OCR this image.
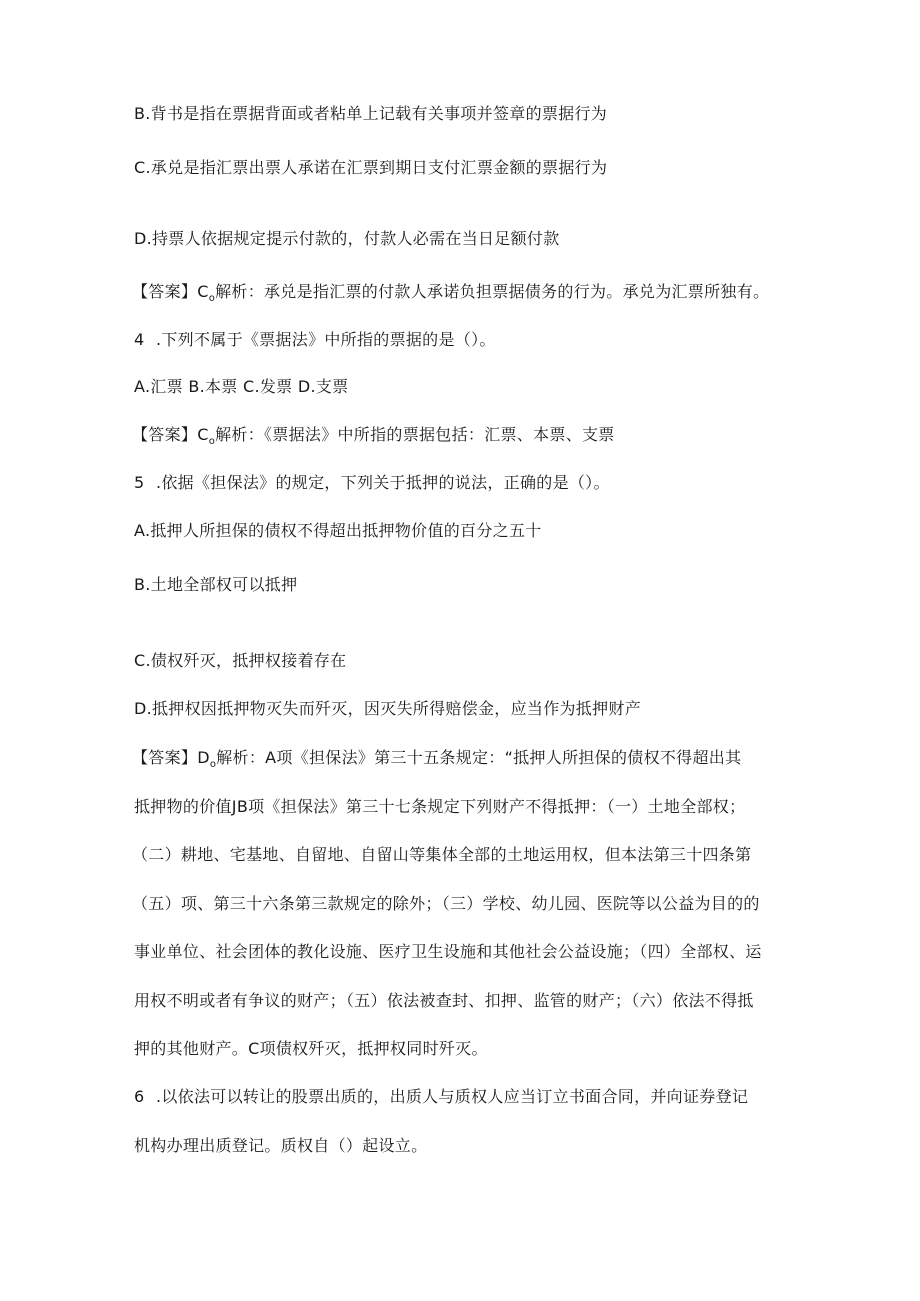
B.背书是指在票据背面或者粘单上记载有关事项并签章的票据行为
C.承兑是指汇票出票人承诺在汇票到期日支付汇票金额的票据行为
D.持票人依据规定提示付款的，付款人必需在当日足额付款
【答案】$C_o$解析：承兑是指汇票的付款人承诺负担票据债务的行为。承兑为汇票所独有。
4 .下列不属于《票据法》中所指的票据的是（）。
A.汇票 B.本票 C.发票 D.支票
【答案】$C_o$解析：《票据法》中所指的票据包括：汇票、本票、支票
5 .依据《担保法》的规定，下列关于抵押的说法，正确的是（）。
A.抵押人所担保的债权不得超出抵押物价值的百分之五十
B.土地全部权可以抵押
C.债权歼灭，抵押权接着存在
D.抵押权因抵押物灭失而歼灭，因灭失所得赔偿金，应当作为抵押财产
【答案】$D_o$解析：A项《担保法》第三十五条规定：“抵押人所担保的债权不得超出其
抵押物的价值JB项《担保法》第三十七条规定下列财产不得抵押：（一）土地全部权；
（二）耕地、宅基地、自留地、自留山等集体全部的土地运用权，但本法第三十四条第
（五）项、第三十六条第三款规定的除外；（三）学校、幼儿园、医院等以公益为目的的
事业单位、社会团体的教化设施、医疗卫生设施和其他社会公益设施；（四）全部权、运
用权不明或者有争议的财产；（五）依法被查封、扣押、监管的财产；（六）依法不得抵
押的其他财产。C项债权歼灭，抵押权同时歼灭。
6 .以依法可以转让的股票出质的，出质人与质权人应当订立书面合同，并向证券登记
机构办理出质登记。质权自（）起设立。
